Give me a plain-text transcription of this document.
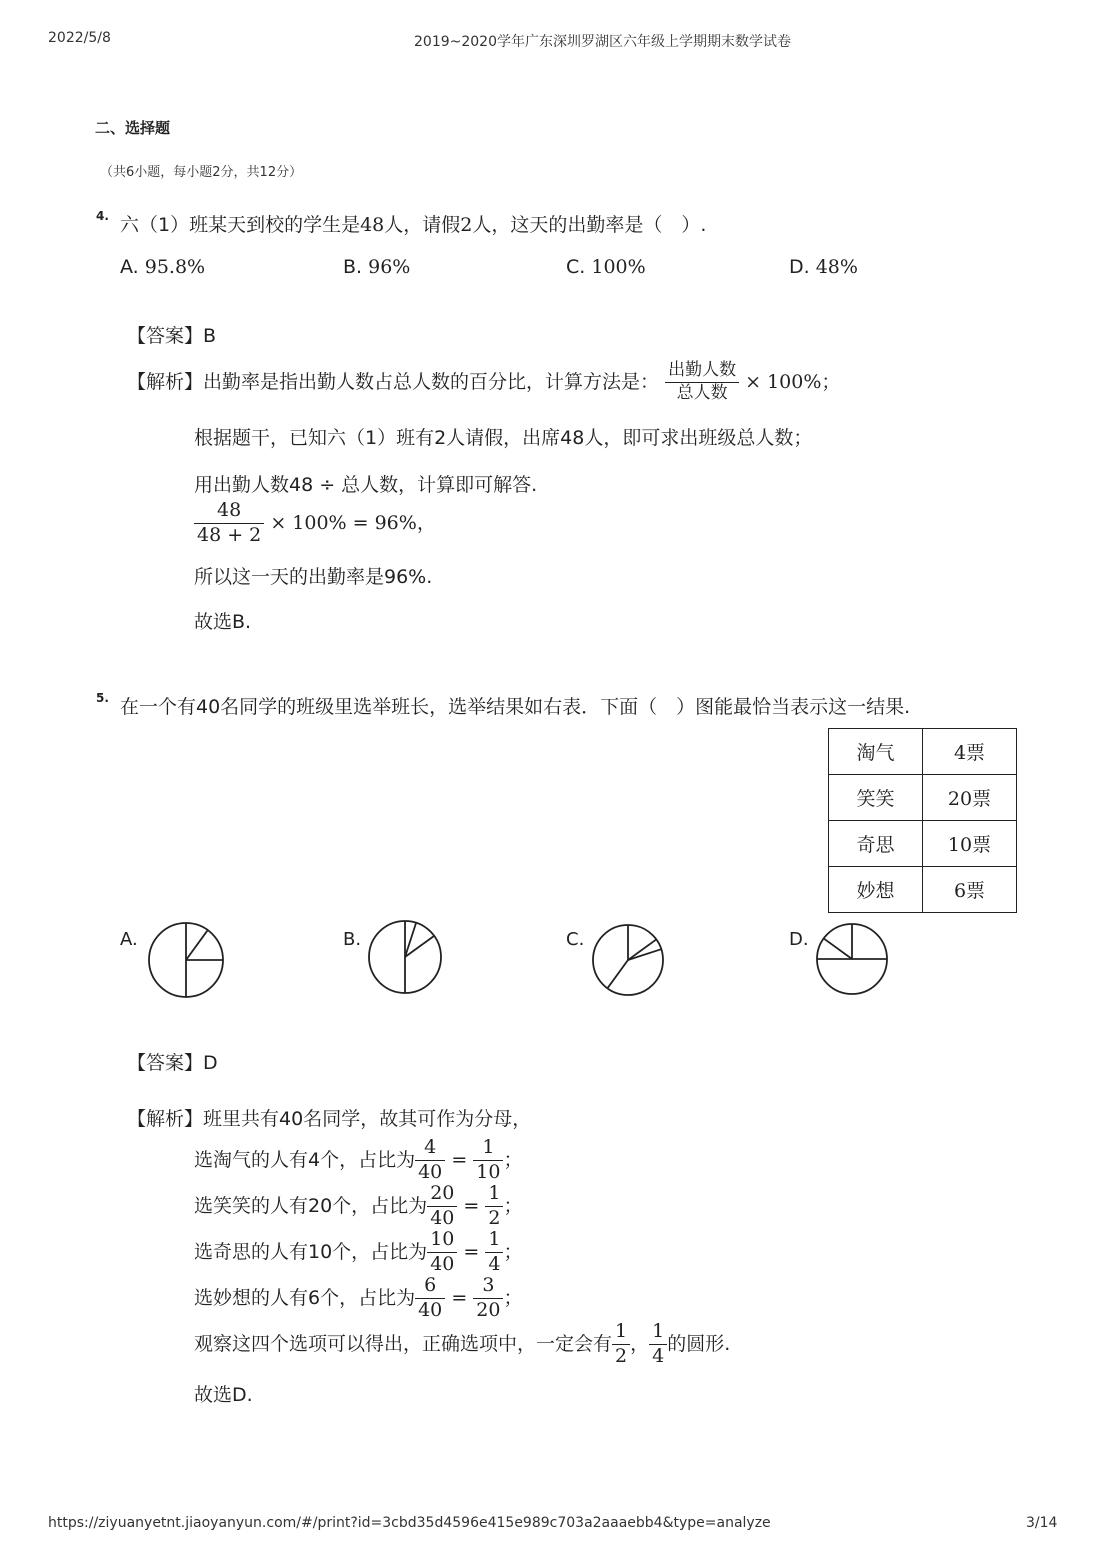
2022/5/8	2019~2020学年广东深圳罗湖区六年级上学期期末数学试卷
二、选择题
（共6小题，每小题2分，共12分）
4. 六（1）班某天到校的学生是48人，请假2人，这天的出勤率是（　）.
A. 95.8%	B. 96%	C. 100%	D. 48%
【答案】B
【解析】出勤率是指出勤人数占总人数的百分比，计算方法是： $\frac{\text{出勤人数}}{\text{总人数}} \times 100\%$；
根据题干，已知六（1）班有2人请假，出席48人，即可求出班级总人数；
用出勤人数48 ÷ 总人数，计算即可解答.
$\frac{48}{48 + 2} \times 100\% = 96\%$，
所以这一天的出勤率是96%.
故选B.
5. 在一个有40名同学的班级里选举班长，选举结果如右表．下面（　）图能最恰当表示这一结果.
淘气	4票
笑笑	20票
奇思	10票
妙想	6票
A.	B.	C.	D.
【答案】D
【解析】班里共有40名同学，故其可作为分母，
选淘气的人有4个，占比为 $\frac{4}{40} = \frac{1}{10}$ ；
选笑笑的人有20个，占比为 $\frac{20}{40} = \frac{1}{2}$ ；
选奇思的人有10个，占比为 $\frac{10}{40} = \frac{1}{4}$ ；
选妙想的人有6个，占比为 $\frac{6}{40} = \frac{3}{20}$ ；
观察这四个选项可以得出，正确选项中，一定会有 $\frac{1}{2}$ ， $\frac{1}{4}$ 的圆形.
故选D.
https://ziyuanyetnt.jiaoyanyun.com/#/print?id=3cbd35d4596e415e989c703a2aaaebb4&type=analyze	3/14
